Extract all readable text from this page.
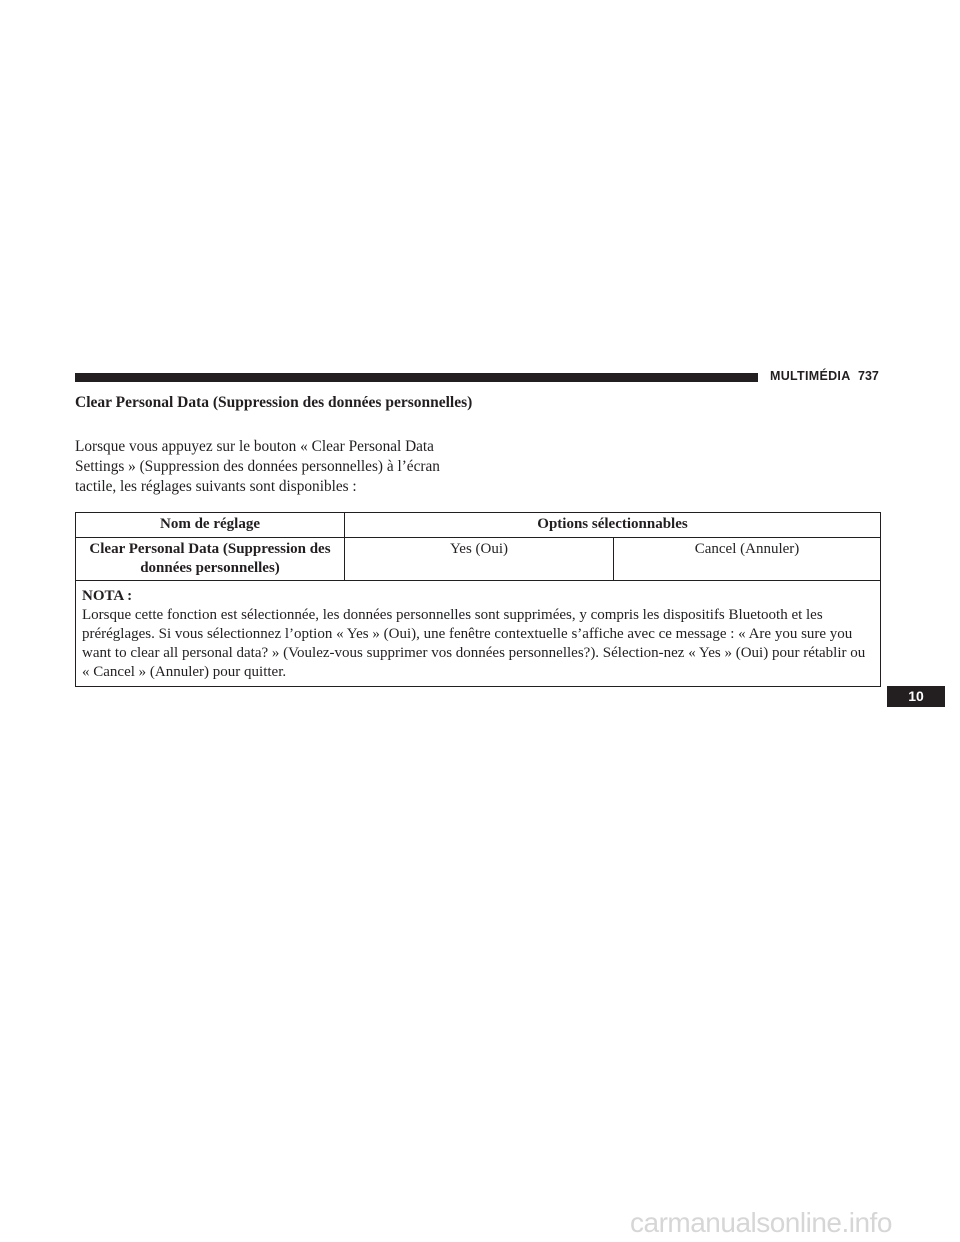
MULTIMÉDIA 737
Clear Personal Data (Suppression des données personnelles)
Lorsque vous appuyez sur le bouton « Clear Personal Data Settings » (Suppression des données personnelles) à l’écran tactile, les réglages suivants sont disponibles :
Nom de réglage	Options sélectionnables	
Clear Personal Data (Suppression des données personnelles)	Yes (Oui)	Cancel (Annuler)

NOTA :
Lorsque cette fonction est sélectionnée, les données personnelles sont supprimées, y compris les dispositifs Bluetooth et les préréglages. Si vous sélectionnez l’option « Yes » (Oui), une fenêtre contextuelle s’affiche avec ce message : « Are you sure you want to clear all personal data? » (Voulez-vous supprimer vos données personnelles?). Sélection-nez « Yes » (Oui) pour rétablir ou « Cancel » (Annuler) pour quitter.		
10
carmanualsonline.info
